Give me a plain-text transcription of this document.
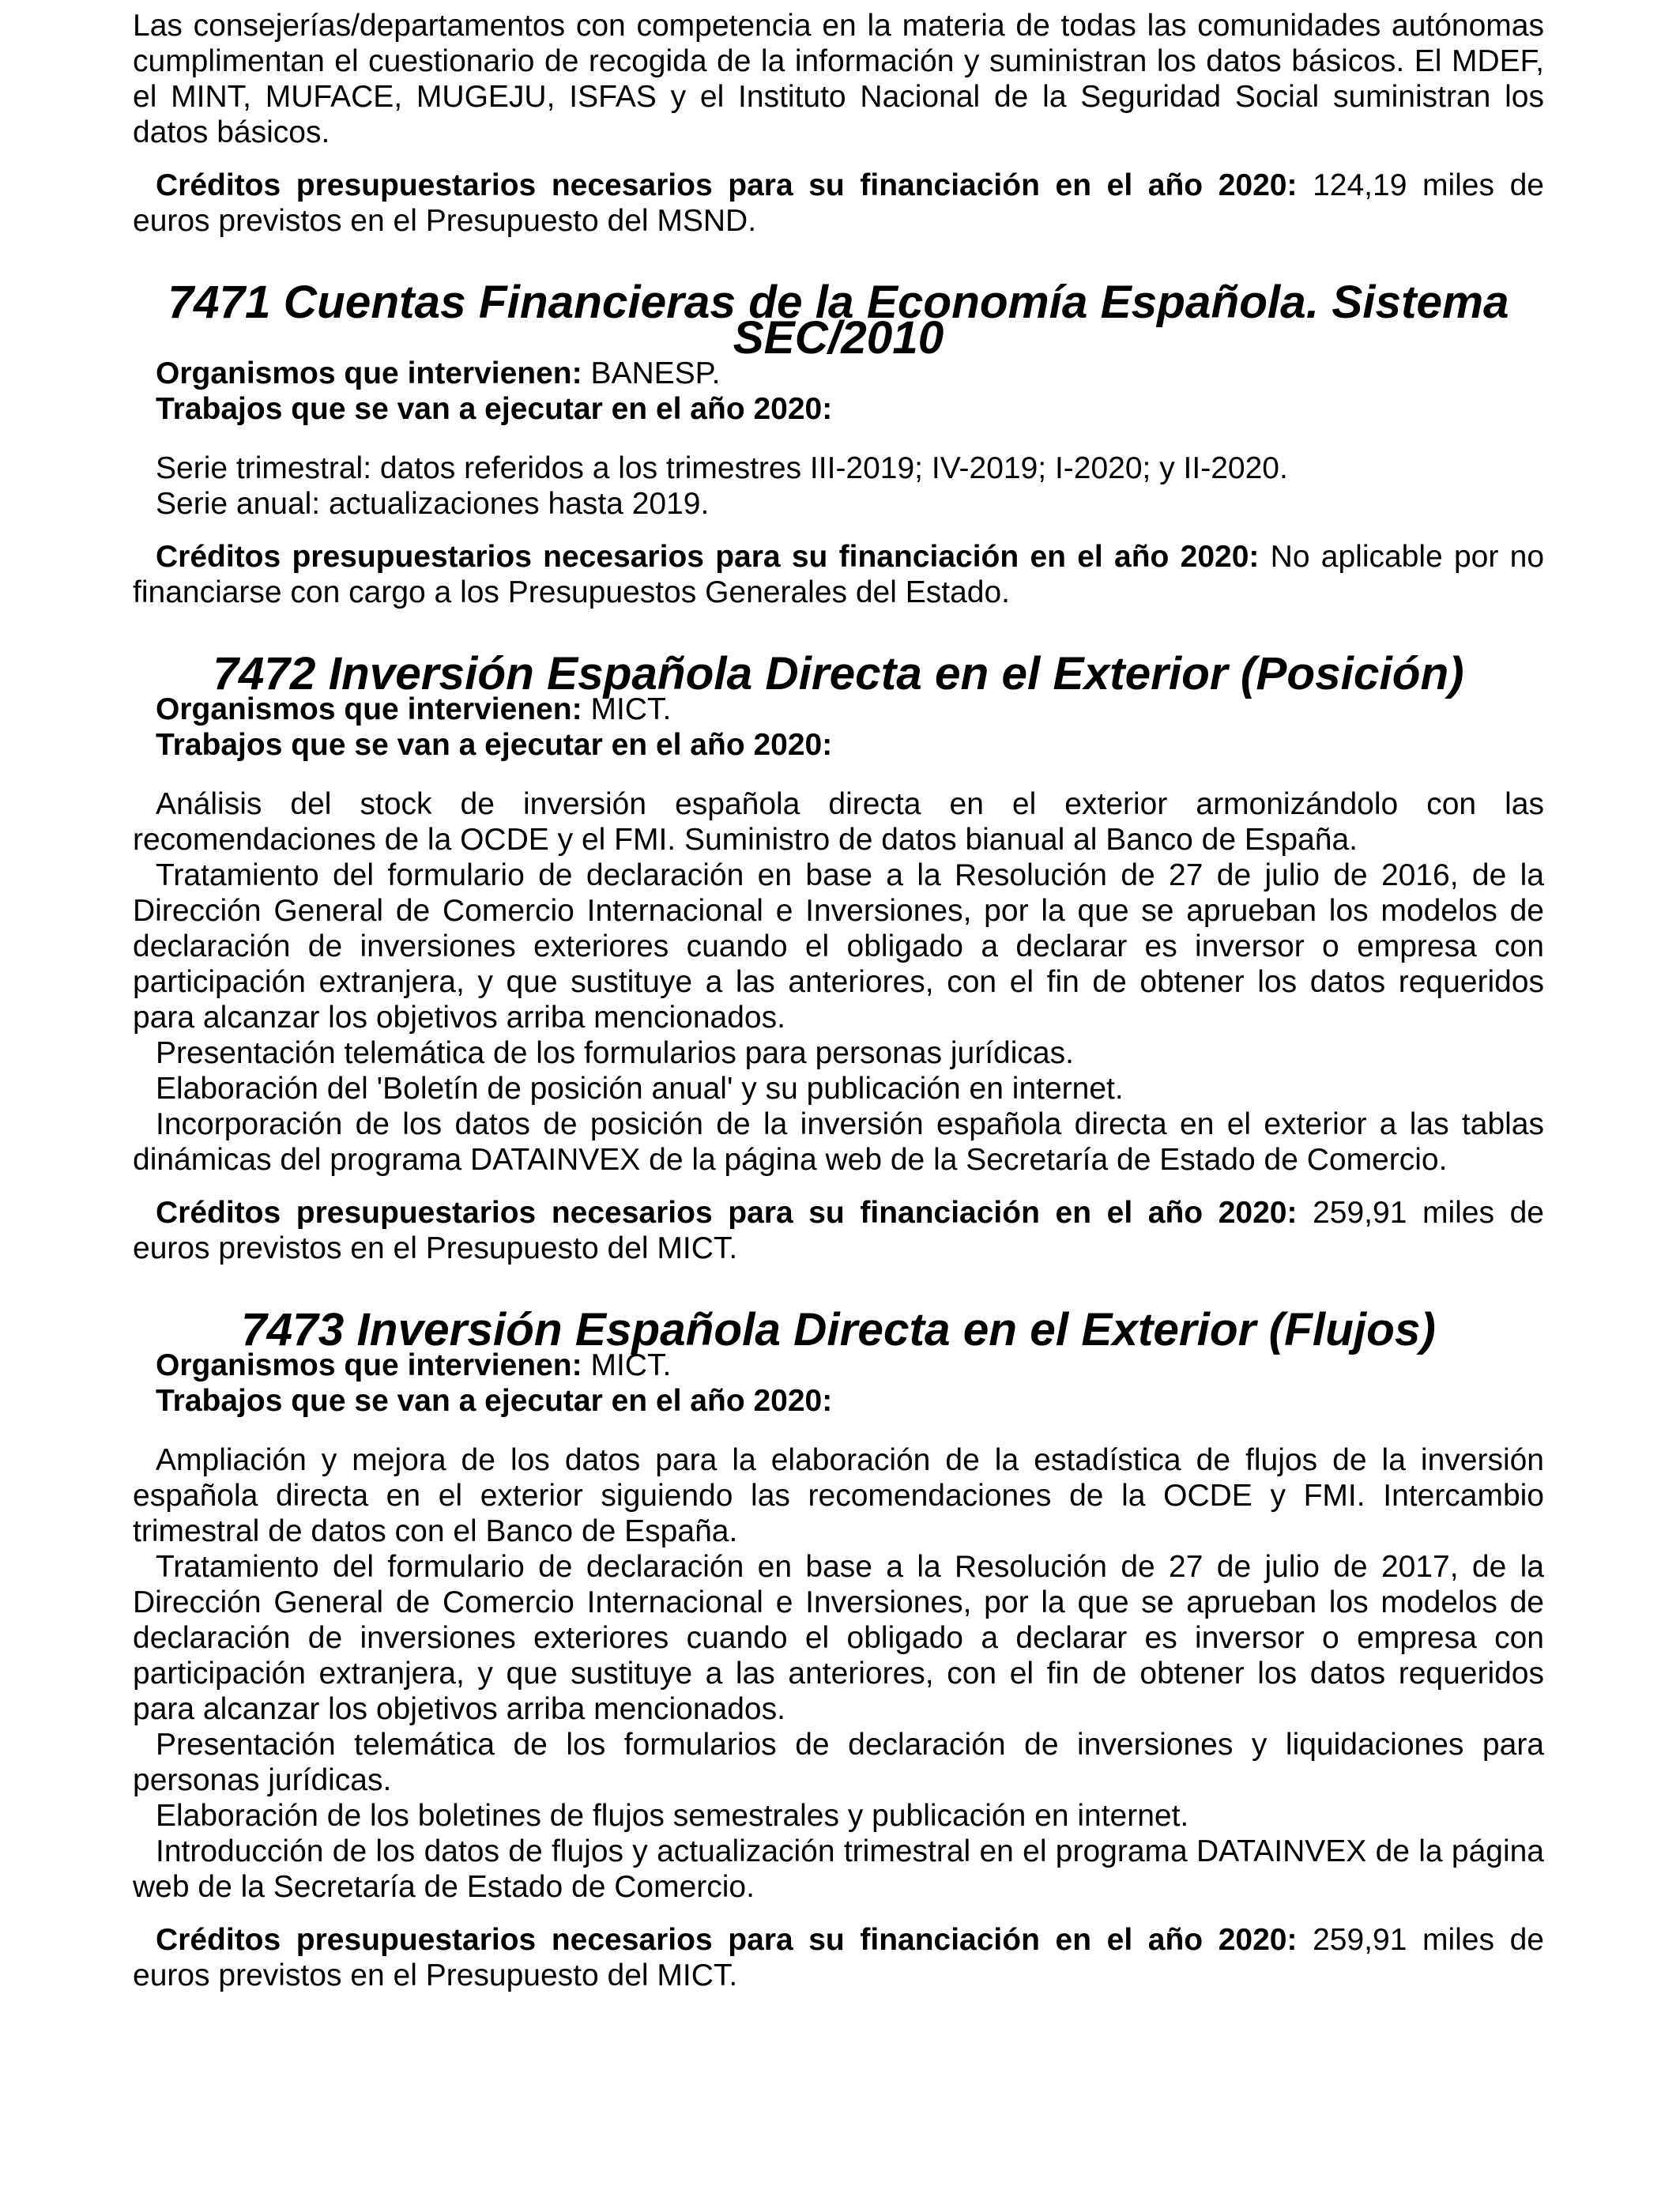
Las consejerías/departamentos con competencia en la materia de todas las comunidades autónomas cumplimentan el cuestionario de recogida de la información y suministran los datos básicos. El MDEF, el MINT, MUFACE, MUGEJU, ISFAS y el Instituto Nacional de la Seguridad Social suministran los datos básicos.

Créditos presupuestarios necesarios para su financiación en el año 2020: 124,19 miles de euros previstos en el Presupuesto del MSND.

7471 Cuentas Financieras de la Economía Española. Sistema SEC/2010

Organismos que intervienen: BANESP.

Trabajos que se van a ejecutar en el año 2020:

Serie trimestral: datos referidos a los trimestres III-2019; IV-2019; I-2020; y II-2020.

Serie anual: actualizaciones hasta 2019.

Créditos presupuestarios necesarios para su financiación en el año 2020: No aplicable por no financiarse con cargo a los Presupuestos Generales del Estado.

7472 Inversión Española Directa en el Exterior (Posición)

Organismos que intervienen: MICT.

Trabajos que se van a ejecutar en el año 2020:

Análisis del stock de inversión española directa en el exterior armonizándolo con las recomendaciones de la OCDE y el FMI. Suministro de datos bianual al Banco de España.

Tratamiento del formulario de declaración en base a la Resolución de 27 de julio de 2016, de la Dirección General de Comercio Internacional e Inversiones, por la que se aprueban los modelos de declaración de inversiones exteriores cuando el obligado a declarar es inversor o empresa con participación extranjera, y que sustituye a las anteriores, con el fin de obtener los datos requeridos para alcanzar los objetivos arriba mencionados.

Presentación telemática de los formularios para personas jurídicas.

Elaboración del 'Boletín de posición anual' y su publicación en internet.

Incorporación de los datos de posición de la inversión española directa en el exterior a las tablas dinámicas del programa DATAINVEX de la página web de la Secretaría de Estado de Comercio.

Créditos presupuestarios necesarios para su financiación en el año 2020: 259,91 miles de euros previstos en el Presupuesto del MICT.

7473 Inversión Española Directa en el Exterior (Flujos)

Organismos que intervienen: MICT.

Trabajos que se van a ejecutar en el año 2020:

Ampliación y mejora de los datos para la elaboración de la estadística de flujos de la inversión española directa en el exterior siguiendo las recomendaciones de la OCDE y FMI. Intercambio trimestral de datos con el Banco de España.

Tratamiento del formulario de declaración en base a la Resolución de 27 de julio de 2017, de la Dirección General de Comercio Internacional e Inversiones, por la que se aprueban los modelos de declaración de inversiones exteriores cuando el obligado a declarar es inversor o empresa con participación extranjera, y que sustituye a las anteriores, con el fin de obtener los datos requeridos para alcanzar los objetivos arriba mencionados.

Presentación telemática de los formularios de declaración de inversiones y liquidaciones para personas jurídicas.

Elaboración de los boletines de flujos semestrales y publicación en internet.

Introducción de los datos de flujos y actualización trimestral en el programa DATAINVEX de la página web de la Secretaría de Estado de Comercio.

Créditos presupuestarios necesarios para su financiación en el año 2020: 259,91 miles de euros previstos en el Presupuesto del MICT.
